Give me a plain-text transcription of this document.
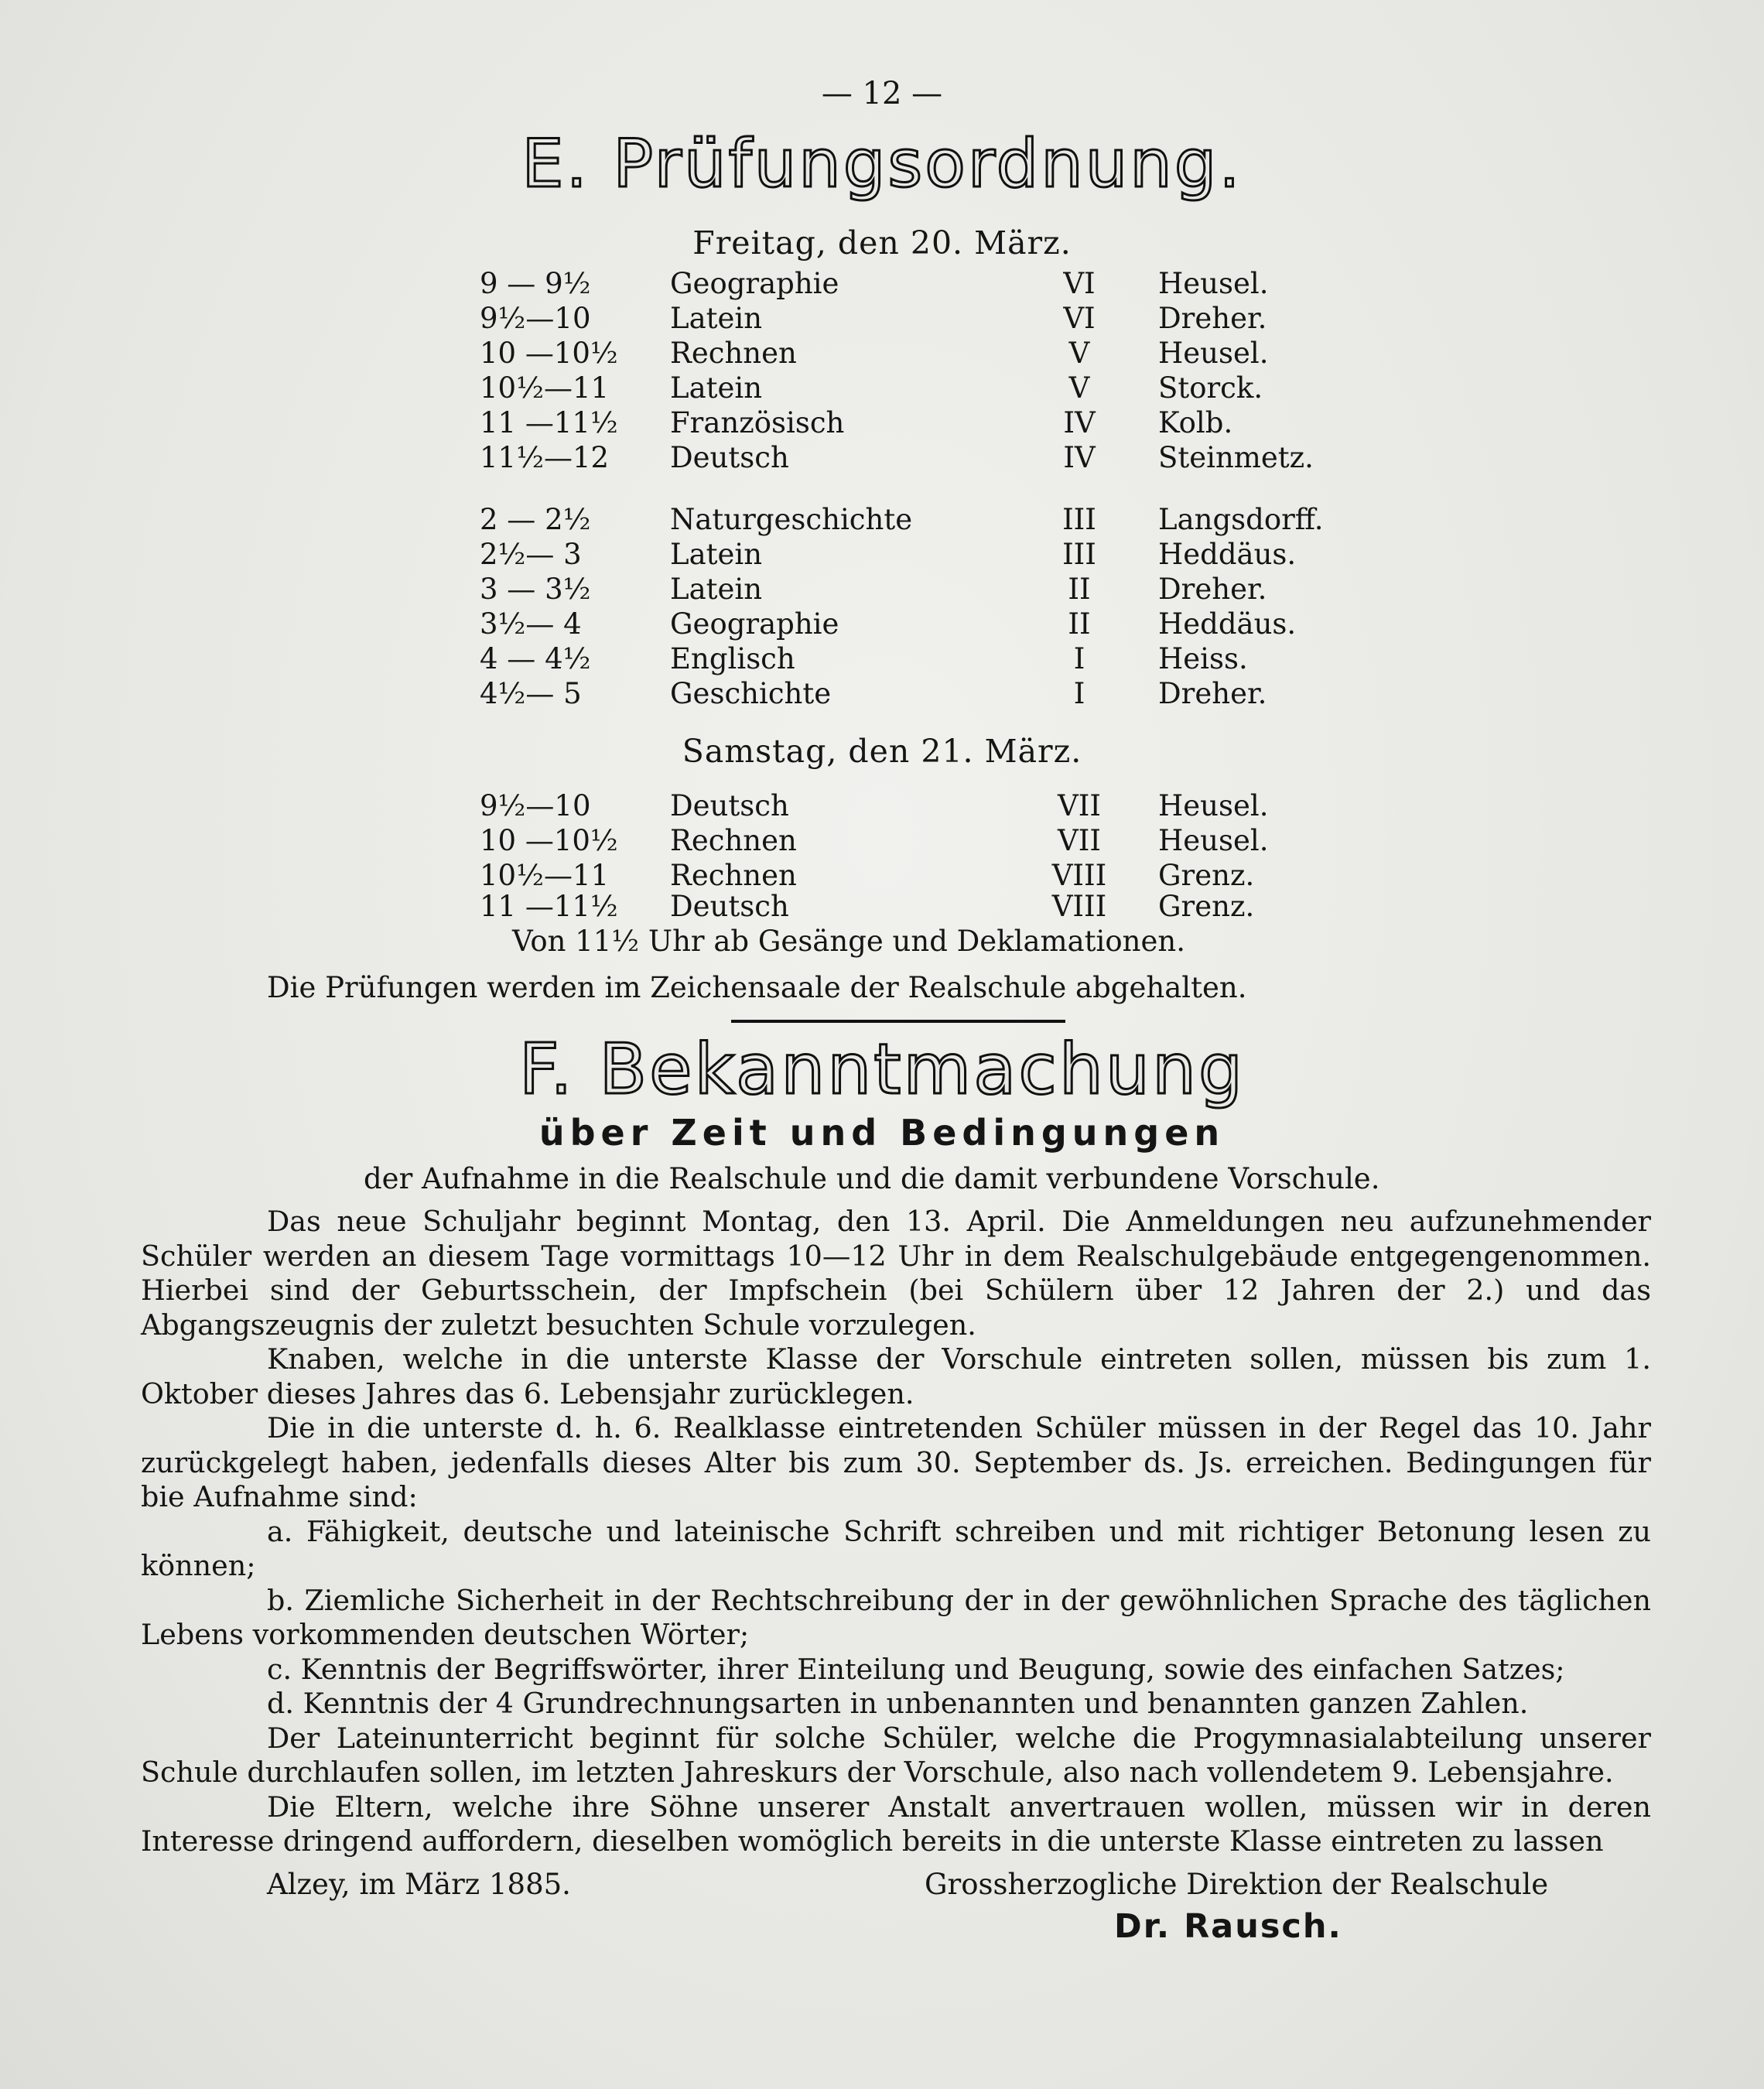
— 12 —
E. Prüfungsordnung.
Freitag, den 20. März.
9 — 9½	Geographie	VI	Heusel.
9½—10	Latein	VI	Dreher.
10 —10½ Rechnen	V	Heusel.
10½—11 Latein	V	Storck.
11 —11½ Französisch	IV	Kolb.
11½—12 Deutsch	IV	Steinmetz.
2 — 2½	Naturgeschichte	III	Langsdorff.
2½— 3	Latein	III	Heddäus.
3 — 3½	Latein	II	Dreher.
3½— 4	Geographie	II	Heddäus.
4 — 4½	Englisch	I	Heiss.
4½— 5	Geschichte	I	Dreher.
Samstag, den 21. März.
9½—10	Deutsch	VII	Heusel.
10 —10½ Rechnen	VII	Heusel.
10½—11 Rechnen	VIII	Grenz.
11 —11½ Deutsch	VIII	Grenz.
Von 11½ Uhr ab Gesänge und Deklamationen.
Die Prüfungen werden im Zeichensaale der Realschule abgehalten.
F. Bekanntmachung
über Zeit und Bedingungen
der Aufnahme in die Realschule und die damit verbundene Vorschule.

Das neue Schuljahr beginnt Montag, den 13. April. Die Anmeldungen neu aufzunehmender Schüler werden an diesem Tage vormittags 10—12 Uhr in dem Realschulgebäude entgegengenommen. Hierbei sind der Geburtsschein, der Impfschein (bei Schülern über 12 Jahren der 2.) und das Abgangszeugnis der zuletzt besuchten Schule vorzulegen.

Knaben, welche in die unterste Klasse der Vorschule eintreten sollen, müssen bis zum 1. Oktober dieses Jahres das 6. Lebensjahr zurücklegen.

Die in die unterste d. h. 6. Realklasse eintretenden Schüler müssen in der Regel das 10. Jahr zurückgelegt haben, jedenfalls dieses Alter bis zum 30. September ds. Js. erreichen. Bedingungen für bie Aufnahme sind:

a. Fähigkeit, deutsche und lateinische Schrift schreiben und mit richtiger Betonung lesen zu können;

b. Ziemliche Sicherheit in der Rechtschreibung der in der gewöhnlichen Sprache des täglichen Lebens vorkommenden deutschen Wörter;

c. Kenntnis der Begriffswörter, ihrer Einteilung und Beugung, sowie des einfachen Satzes;

d. Kenntnis der 4 Grundrechnungsarten in unbenannten und benannten ganzen Zahlen.

Der Lateinunterricht beginnt für solche Schüler, welche die Progymnasialabteilung unserer Schule durchlaufen sollen, im letzten Jahreskurs der Vorschule, also nach vollendetem 9. Lebensjahre.

Die Eltern, welche ihre Söhne unserer Anstalt anvertrauen wollen, müssen wir in deren Interesse dringend auffordern, dieselben womöglich bereits in die unterste Klasse eintreten zu lassen

Alzey, im März 1885.	Grossherzogliche Direktion der Realschule
Dr. Rausch.
